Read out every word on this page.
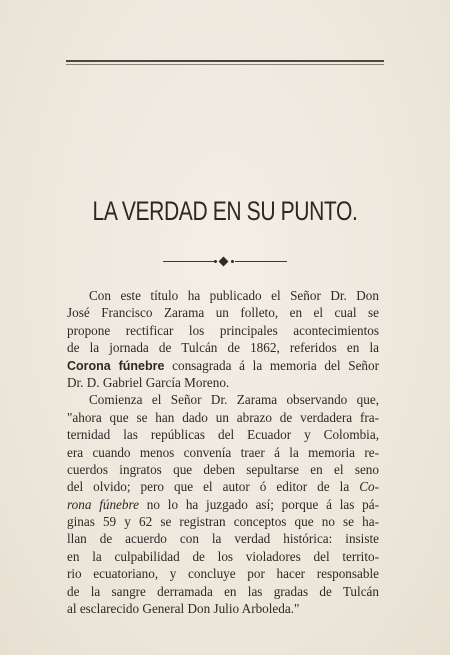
LA VERDAD EN SU PUNTO.
Con este título ha publicado el Señor Dr. Don
José Francisco Zarama un folleto, en el cual se
propone rectificar los principales acontecimientos
de la jornada de Tulcán de 1862, referidos en la
Corona fúnebre consagrada á la memoria del Señor
Dr. D. Gabriel García Moreno.
Comienza el Señor Dr. Zarama observando que,
"ahora que se han dado un abrazo de verdadera fra-
ternidad las repúblicas del Ecuador y Colombia,
era cuando menos convenía traer á la memoria re-
cuerdos ingratos que deben sepultarse en el seno
del olvido; pero que el autor ó editor de la Co-
rona fúnebre no lo ha juzgado así; porque á las pá-
ginas 59 y 62 se registran conceptos que no se ha-
llan de acuerdo con la verdad histórica: insiste
en la culpabilidad de los violadores del territo-
rio ecuatoriano, y concluye por hacer responsable
de la sangre derramada en las gradas de Tulcán
al esclarecido General Don Julio Arboleda."
